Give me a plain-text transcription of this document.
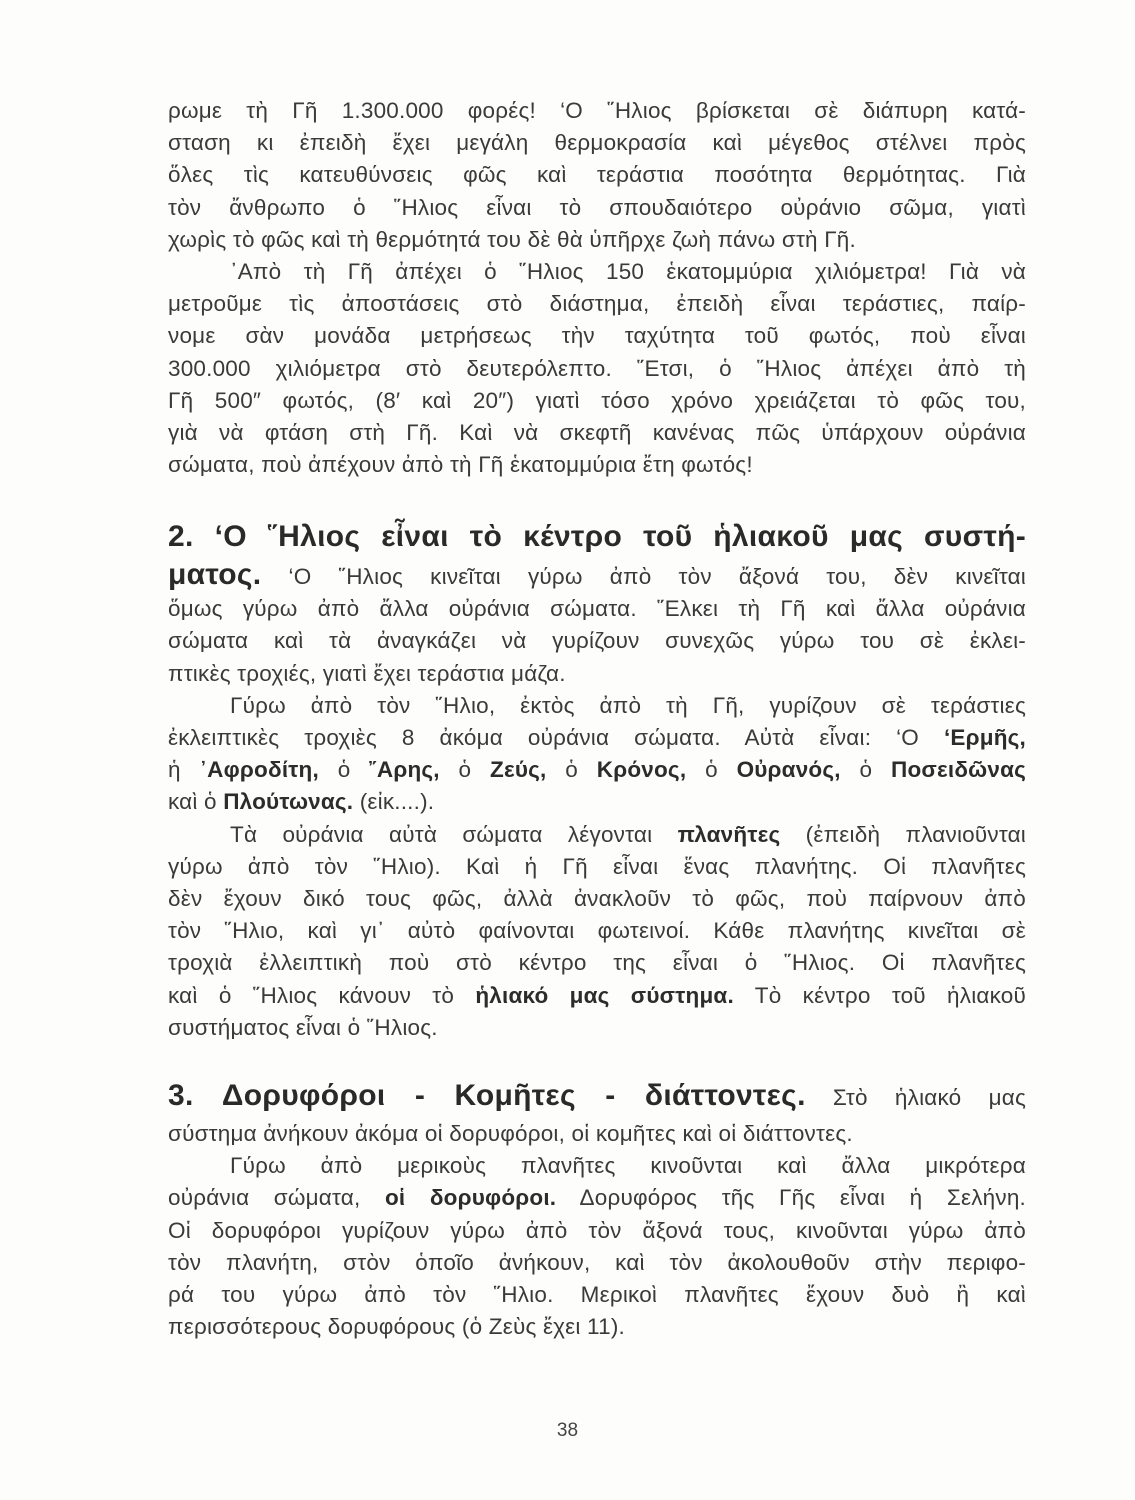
ρωμε τὴ Γῆ 1.300.000 φορές! ‘Ο ῞Ηλιος βρίσκεται σὲ διάπυρη κατά-
σταση κι ἐπειδὴ ἔχει μεγάλη θερμοκρασία καὶ μέγεθος στέλνει πρὸς
ὅλες τὶς κατευθύνσεις φῶς καὶ τεράστια ποσότητα θερμότητας. Γιὰ
τὸν ἄνθρωπο ὁ ῞Ηλιος εἶναι τὸ σπουδαιότερο οὐράνιο σῶμα, γιατὶ
χωρὶς τὸ φῶς καὶ τὴ θερμότητά του δὲ θὰ ὑπῆρχε ζωὴ πάνω στὴ Γῆ.
᾿Απὸ τὴ Γῆ ἀπέχει ὁ ῞Ηλιος 150 ἑκατομμύρια χιλιόμετρα! Γιὰ νὰ
μετροῦμε τὶς ἀποστάσεις στὸ διάστημα, ἐπειδὴ εἶναι τεράστιες, παίρ-
νομε σὰν μονάδα μετρήσεως τὴν ταχύτητα τοῦ φωτός, ποὺ εἶναι
300.000 χιλιόμετρα στὸ δευτερόλεπτο. ῞Ετσι, ὁ ῞Ηλιος ἀπέχει ἀπὸ τὴ
Γῆ 500″ φωτός, (8′ καὶ 20″) γιατὶ τόσο χρόνο χρειάζεται τὸ φῶς του,
γιὰ νὰ φτάση στὴ Γῆ. Καὶ νὰ σκεφτῆ κανένας πῶς ὑπάρχουν οὐράνια
σώματα, ποὺ ἀπέχουν ἀπὸ τὴ Γῆ ἑκατομμύρια ἔτη φωτός!
2. ‘Ο ῞Ηλιος εἶναι τὸ κέντρο τοῦ ἡλιακοῦ μας συστή-
ματος. ‘Ο ῞Ηλιος κινεῖται γύρω ἀπὸ τὸν ἄξονά του, δὲν κινεῖται
ὅμως γύρω ἀπὸ ἄλλα οὐράνια σώματα. ῞Ελκει τὴ Γῆ καὶ ἄλλα οὐράνια
σώματα καὶ τὰ ἀναγκάζει νὰ γυρίζουν συνεχῶς γύρω του σὲ ἐκλει-
πτικὲς τροχιές, γιατὶ ἔχει τεράστια μάζα.
Γύρω ἀπὸ τὸν ῞Ηλιο, ἐκτὸς ἀπὸ τὴ Γῆ, γυρίζουν σὲ τεράστιες
ἐκλειπτικὲς τροχιὲς 8 ἀκόμα οὐράνια σώματα. Αὐτὰ εἶναι: ‘Ο ‘Ερμῆς,
ἡ ᾿Αφροδίτη, ὁ ῎Αρης, ὁ Ζεύς, ὁ Κρόνος, ὁ Οὐρανός, ὁ Ποσειδῶνας
καὶ ὁ Πλούτωνας. (εἰκ....).
Τὰ οὐράνια αὐτὰ σώματα λέγονται πλανῆτες (ἐπειδὴ πλανιοῦνται
γύρω ἀπὸ τὸν ῞Ηλιο). Καὶ ἡ Γῆ εἶναι ἕνας πλανήτης. Οἱ πλανῆτες
δὲν ἔχουν δικό τους φῶς, ἀλλὰ ἀνακλοῦν τὸ φῶς, ποὺ παίρνουν ἀπὸ
τὸν ῞Ηλιο, καὶ γι᾿ αὐτὸ φαίνονται φωτεινοί. Κάθε πλανήτης κινεῖται σὲ
τροχιὰ ἐλλειπτικὴ ποὺ στὸ κέντρο της εἶναι ὁ ῞Ηλιος. Οἱ πλανῆτες
καὶ ὁ ῞Ηλιος κάνουν τὸ ἡλιακό μας σύστημα. Τὸ κέντρο τοῦ ἡλιακοῦ
συστήματος εἶναι ὁ ῞Ηλιος.
3. Δορυφόροι - Κομῆτες - διάττοντες. Στὸ ἡλιακό μας
σύστημα ἀνήκουν ἀκόμα οἱ δορυφόροι, οἱ κομῆτες καὶ οἱ διάττοντες.
Γύρω ἀπὸ μερικοὺς πλανῆτες κινοῦνται καὶ ἄλλα μικρότερα
οὐράνια σώματα, οἱ δορυφόροι. Δορυφόρος τῆς Γῆς εἶναι ἡ Σελήνη.
Οἱ δορυφόροι γυρίζουν γύρω ἀπὸ τὸν ἄξονά τους, κινοῦνται γύρω ἀπὸ
τὸν πλανήτη, στὸν ὁποῖο ἀνήκουν, καὶ τὸν ἀκολουθοῦν στὴν περιφο-
ρά του γύρω ἀπὸ τὸν ῞Ηλιο. Μερικοὶ πλανῆτες ἔχουν δυὸ ἢ καὶ
περισσότερους δορυφόρους (ὁ Ζεὺς ἔχει 11).
38
